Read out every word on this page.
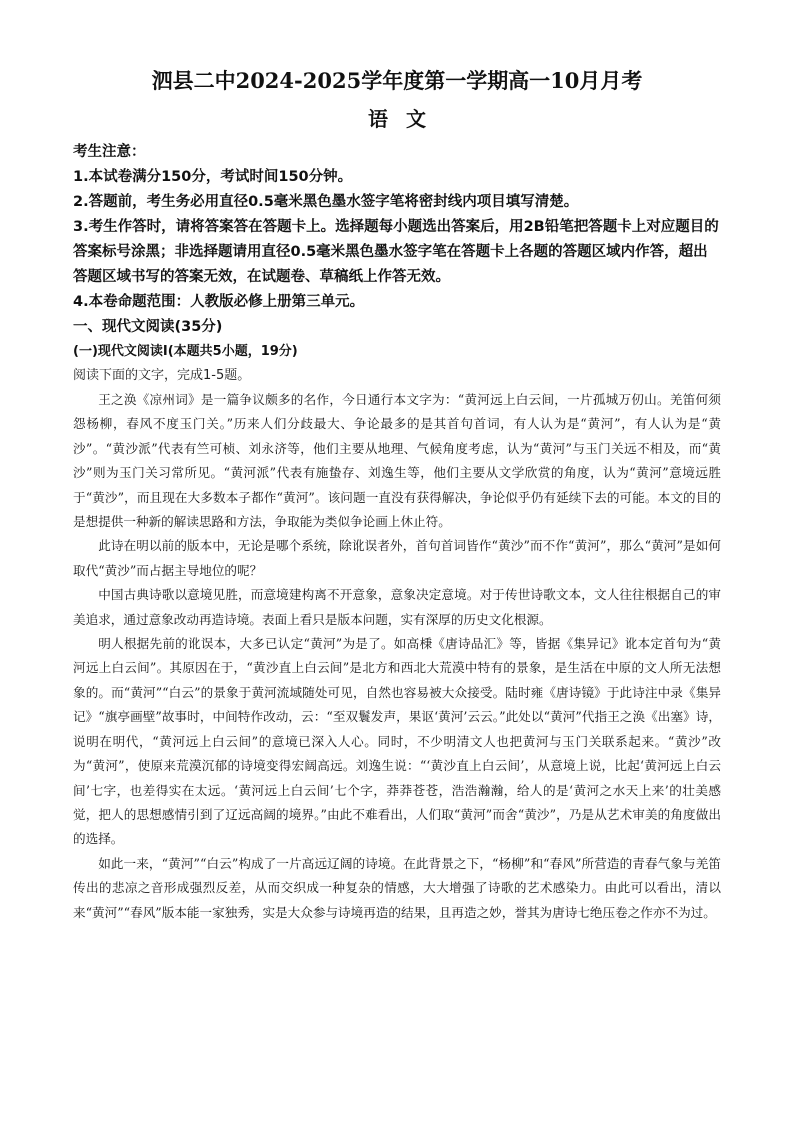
泗县二中2024-2025学年度第一学期高一10月月考
语文

考生注意：

1.本试卷满分150分，考试时间150分钟。

2.答题前，考生务必用直径0.5毫米黑色墨水签字笔将密封线内项目填写清楚。

3.考生作答时，请将答案答在答题卡上。选择题每小题选出答案后，用2B铅笔把答题卡上对应题目的答案标号涂黑；非选择题请用直径0.5毫米黑色墨水签字笔在答题卡上各题的答题区域内作答，超出答题区域书写的答案无效，在试题卷、草稿纸上作答无效。

4.本卷命题范围：人教版必修上册第三单元。

一、现代文阅读(35分)

(一)现代文阅读Ⅰ(本题共5小题，19分)

阅读下面的文字，完成1-5题。

王之涣《凉州词》是一篇争议颇多的名作，今日通行本文字为：“黄河远上白云间，一片孤城万仞山。羌笛何须怨杨柳，春风不度玉门关。”历来人们分歧最大、争论最多的是其首句首词，有人认为是“黄河”，有人认为是“黄沙”。“黄沙派”代表有竺可桢、刘永济等，他们主要从地理、气候角度考虑，认为“黄河”与玉门关远不相及，而“黄沙”则为玉门关习常所见。“黄河派”代表有施蛰存、刘逸生等，他们主要从文学欣赏的角度，认为“黄河”意境远胜于“黄沙”，而且现在大多数本子都作“黄河”。该问题一直没有获得解决，争论似乎仍有延续下去的可能。本文的目的是想提供一种新的解读思路和方法，争取能为类似争论画上休止符。

此诗在明以前的版本中，无论是哪个系统，除讹误者外，首句首词皆作“黄沙”而不作“黄河”，那么“黄河”是如何取代“黄沙”而占据主导地位的呢？

中国古典诗歌以意境见胜，而意境建构离不开意象，意象决定意境。对于传世诗歌文本，文人往往根据自己的审美追求，通过意象改动再造诗境。表面上看只是版本问题，实有深厚的历史文化根源。

明人根据先前的讹误本，大多已认定“黄河”为是了。如高棅《唐诗品汇》等，皆据《集异记》讹本定首句为“黄河远上白云间”。其原因在于，“黄沙直上白云间”是北方和西北大荒漠中特有的景象，是生活在中原的文人所无法想象的。而“黄河”“白云”的景象于黄河流域随处可见，自然也容易被大众接受。陆时雍《唐诗镜》于此诗注中录《集异记》“旗亭画壁”故事时，中间特作改动，云：“至双鬟发声，果讴‘黄河’云云。”此处以“黄河”代指王之涣《出塞》诗，说明在明代，“黄河远上白云间”的意境已深入人心。同时，不少明清文人也把黄河与玉门关联系起来。“黄沙”改为“黄河”，使原来荒漠沉郁的诗境变得宏阔高远。刘逸生说：“‘黄沙直上白云间’，从意境上说，比起‘黄河远上白云间’七字，也差得实在太远。‘黄河远上白云间’七个字，莽莽苍苍，浩浩瀚瀚，给人的是‘黄河之水天上来’的壮美感觉，把人的思想感情引到了辽远高阔的境界。”由此不难看出，人们取“黄河”而舍“黄沙”，乃是从艺术审美的角度做出的选择。

如此一来，“黄河”“白云”构成了一片高远辽阔的诗境。在此背景之下，“杨柳”和“春风”所营造的青春气象与羌笛传出的悲凉之音形成强烈反差，从而交织成一种复杂的情感，大大增强了诗歌的艺术感染力。由此可以看出，清以来“黄河”“春风”版本能一家独秀，实是大众参与诗境再造的结果，且再造之妙，誉其为唐诗七绝压卷之作亦不为过。
